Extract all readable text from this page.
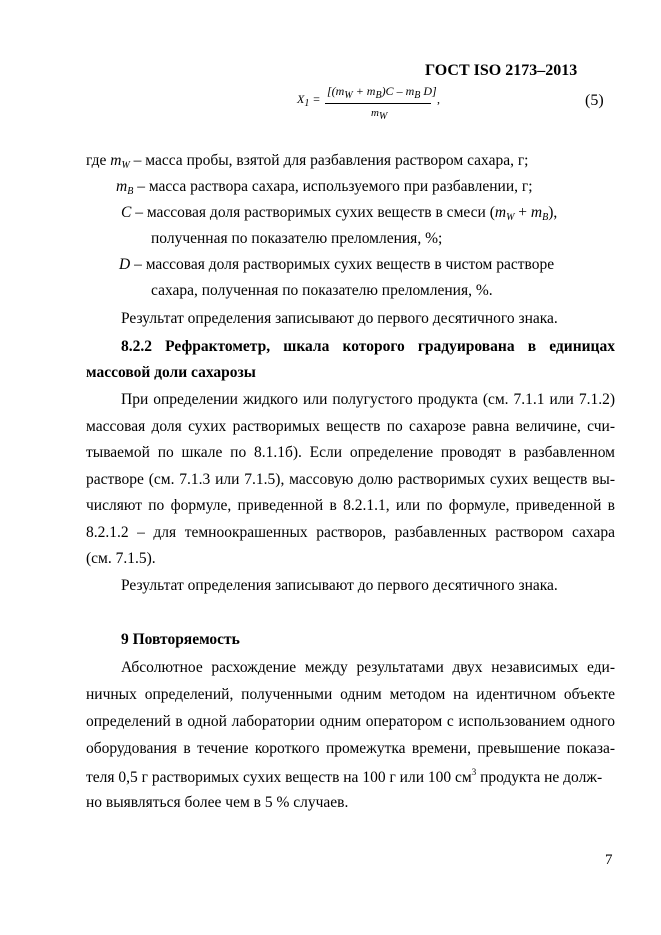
ГОСТ ISO 2173–2013
$X_1$ =
[$(m_W + m_B)C - m_B$ D]
$m_W$
,	(5)
где $m_W$ – масса пробы, взятой для разбавления раствором сахара, г;
$m_B$ – масса раствора сахара, используемого при разбавлении, г;
C – массовая доля растворимых сухих веществ в смеси $(m_W + m_B)$,
полученная по показателю преломления, %;
D – массовая доля растворимых сухих веществ в чистом растворе
сахара, полученная по показателю преломления, %.
Результат определения записывают до первого десятичного знака.
8.2.2 Рефрактометр, шкала которого градуирована в единицах
массовой доли сахарозы
При определении жидкого или полугустого продукта (см. 7.1.1 или 7.1.2)
массовая доля сухих растворимых веществ по сахарозе равна величине, счи-
тываемой по шкале по 8.1.1б). Если определение проводят в разбавленном
растворе (см. 7.1.3 или 7.1.5), массовую долю растворимых сухих веществ вы-
числяют по формуле, приведенной в 8.2.1.1, или по формуле, приведенной в
8.2.1.2 – для темноокрашенных растворов, разбавленных раствором сахара
(см. 7.1.5).
Результат определения записывают до первого десятичного знака.
9 Повторяемость
Абсолютное расхождение между результатами двух независимых еди-
ничных определений, полученными одним методом на идентичном объекте
определений в одной лаборатории одним оператором с использованием одного
оборудования в течение короткого промежутка времени, превышение показа-
теля 0,5 г растворимых сухих веществ на 100 г или 100 $см^3$ продукта не долж-
но выявляться более чем в 5 % случаев.
7
